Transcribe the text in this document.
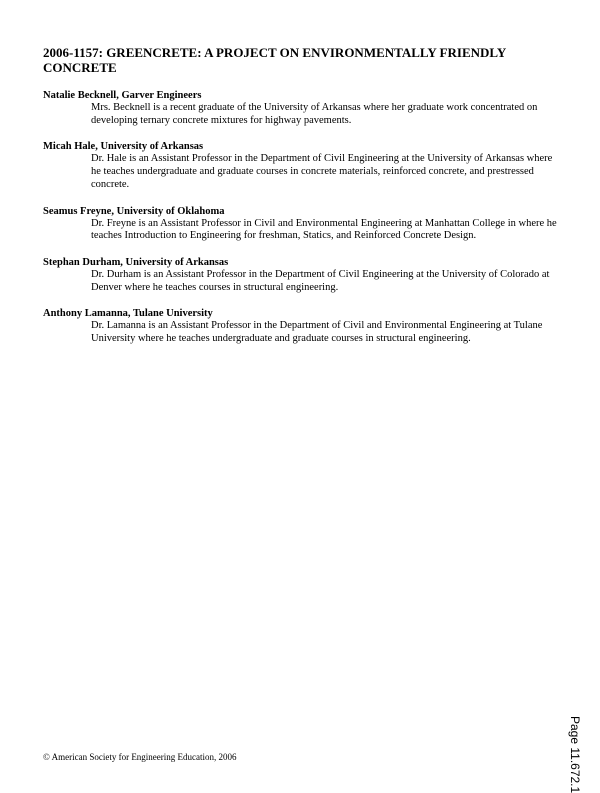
2006-1157: GREENCRETE: A PROJECT ON ENVIRONMENTALLY FRIENDLY CONCRETE

Natalie Becknell, Garver Engineers

Mrs. Becknell is a recent graduate of the University of Arkansas where her graduate work concentrated on developing ternary concrete mixtures for highway pavements.

Micah Hale, University of Arkansas

Dr. Hale is an Assistant Professor in the Department of Civil Engineering at the University of Arkansas where he teaches undergraduate and graduate courses in concrete materials, reinforced concrete, and prestressed concrete.

Seamus Freyne, University of Oklahoma

Dr. Freyne is an Assistant Professor in Civil and Environmental Engineering at Manhattan College in where he teaches Introduction to Engineering for freshman, Statics, and Reinforced Concrete Design.

Stephan Durham, University of Arkansas

Dr. Durham is an Assistant Professor in the Department of Civil Engineering at the University of Colorado at Denver where he teaches courses in structural engineering.

Anthony Lamanna, Tulane University

Dr. Lamanna is an Assistant Professor in the Department of Civil and Environmental Engineering at Tulane University where he teaches undergraduate and graduate courses in structural engineering.

© American Society for Engineering Education, 2006	Page 11.672.1
